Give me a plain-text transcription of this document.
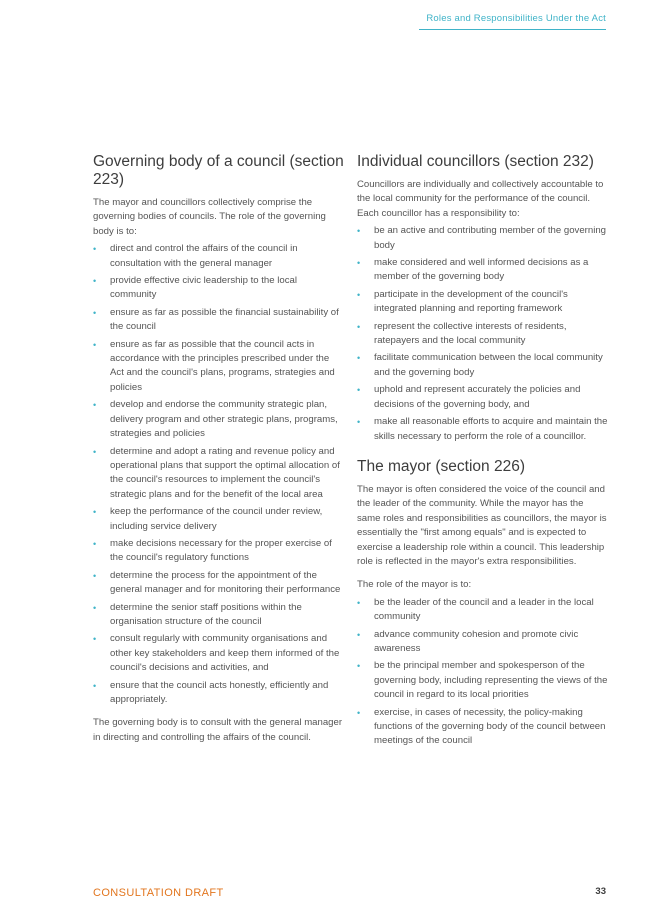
Roles and Responsibilities Under the Act
Governing body of a council (section 223)

The mayor and councillors collectively comprise the governing bodies of councils. The role of the governing body is to:

• direct and control the affairs of the council in consultation with the general manager
• provide effective civic leadership to the local community
• ensure as far as possible the financial sustainability of the council
• ensure as far as possible that the council acts in accordance with the principles prescribed under the Act and the council's plans, programs, strategies and policies
• develop and endorse the community strategic plan, delivery program and other strategic plans, programs, strategies and policies
• determine and adopt a rating and revenue policy and operational plans that support the optimal allocation of the council's resources to implement the council's strategic plans and for the benefit of the local area
• keep the performance of the council under review, including service delivery
• make decisions necessary for the proper exercise of the council's regulatory functions
• determine the process for the appointment of the general manager and for monitoring their performance
• determine the senior staff positions within the organisation structure of the council
• consult regularly with community organisations and other key stakeholders and keep them informed of the council's decisions and activities, and
• ensure that the council acts honestly, efficiently and appropriately.

The governing body is to consult with the general manager in directing and controlling the affairs of the council.

Individual councillors (section 232)

Councillors are individually and collectively accountable to the local community for the performance of the council. Each councillor has a responsibility to:

• be an active and contributing member of the governing body
• make considered and well informed decisions as a member of the governing body
• participate in the development of the council's integrated planning and reporting framework
• represent the collective interests of residents, ratepayers and the local community
• facilitate communication between the local community and the governing body
• uphold and represent accurately the policies and decisions of the governing body, and
• make all reasonable efforts to acquire and maintain the skills necessary to perform the role of a councillor.
The mayor (section 226)

The mayor is often considered the voice of the council and the leader of the community. While the mayor has the same roles and responsibilities as councillors, the mayor is essentially the "first among equals" and is expected to exercise a leadership role within a council. This leadership role is reflected in the mayor's extra responsibilities.

The role of the mayor is to:

• be the leader of the council and a leader in the local community
• advance community cohesion and promote civic awareness
• be the principal member and spokesperson of the governing body, including representing the views of the council in regard to its local priorities
• exercise, in cases of necessity, the policy-making functions of the governing body of the council between meetings of the council
CONSULTATION DRAFT	33
